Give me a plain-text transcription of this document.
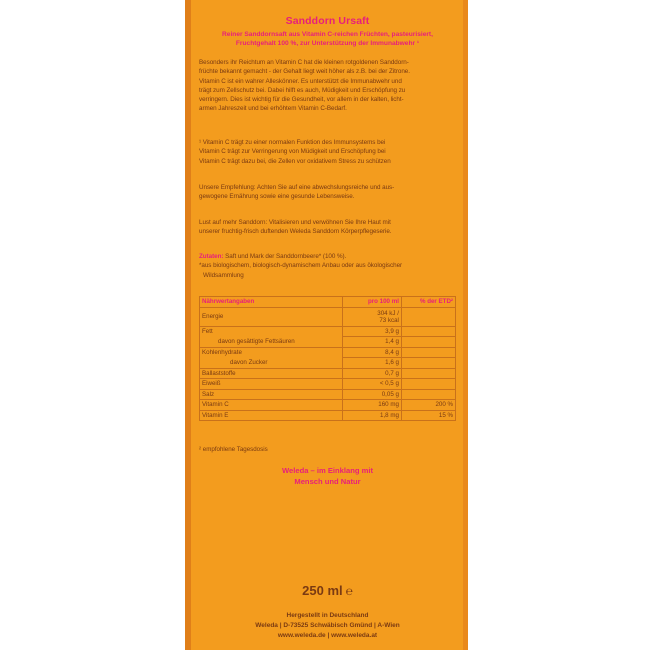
Sanddorn Ursaft
Reiner Sanddornsaft aus Vitamin C-reichen Früchten, pasteurisiert,
Fruchtgehalt 100 %, zur Unterstützung der Immunabwehr ¹
Besonders ihr Reichtum an Vitamin C hat die kleinen rotgoldenen Sanddorn-
früchte bekannt gemacht - der Gehalt liegt weit höher als z.B. bei der Zitrone.
Vitamin C ist ein wahrer Alleskönner. Es unterstützt die Immunabwehr und
trägt zum Zellschutz bei. Dabei hilft es auch, Müdigkeit und Erschöpfung zu
verringern. Dies ist wichtig für die Gesundheit, vor allem in der kalten, licht-
armen Jahreszeit und bei erhöhtem Vitamin C-Bedarf.
¹ Vitamin C trägt zu einer normalen Funktion des Immunsystems bei
Vitamin C trägt zur Verringerung von Müdigkeit und Erschöpfung bei
Vitamin C trägt dazu bei, die Zellen vor oxidativem Stress zu schützen
Unsere Empfehlung: Achten Sie auf eine abwechslungsreiche und aus-
gewogene Ernährung sowie eine gesunde Lebensweise.
Lust auf mehr Sanddorn: Vitalisieren und verwöhnen Sie Ihre Haut mit
unserer fruchtig-frisch duftenden Weleda Sanddorn Körperpflegeserie.
Zutaten: Saft und Mark der Sanddornbeere* (100 %).
*aus biologischem, biologisch-dynamischem Anbau oder aus ökologischer
Wildsammlung
Nährwertangaben	pro 100 ml	% der ETD²
Energie	304 kJ /
73 kcal	

Fett	3,9 g	
davon gesättigte Fettsäuren	1,4 g	
Kohlenhydrate	8,4 g	
davon Zucker	1,6 g	
Ballaststoffe	0,7 g	
Eiweiß	< 0,5 g	
Salz	0,05 g	
Vitamin C	160 mg	200 %
Vitamin E	1,8 mg	15 %
² empfohlene Tagesdosis
Weleda – im Einklang mit
Mensch und Natur
250 ml ℮
Hergestellt in Deutschland
Weleda | D-73525 Schwäbisch Gmünd | A-Wien
www.weleda.de | www.weleda.at
